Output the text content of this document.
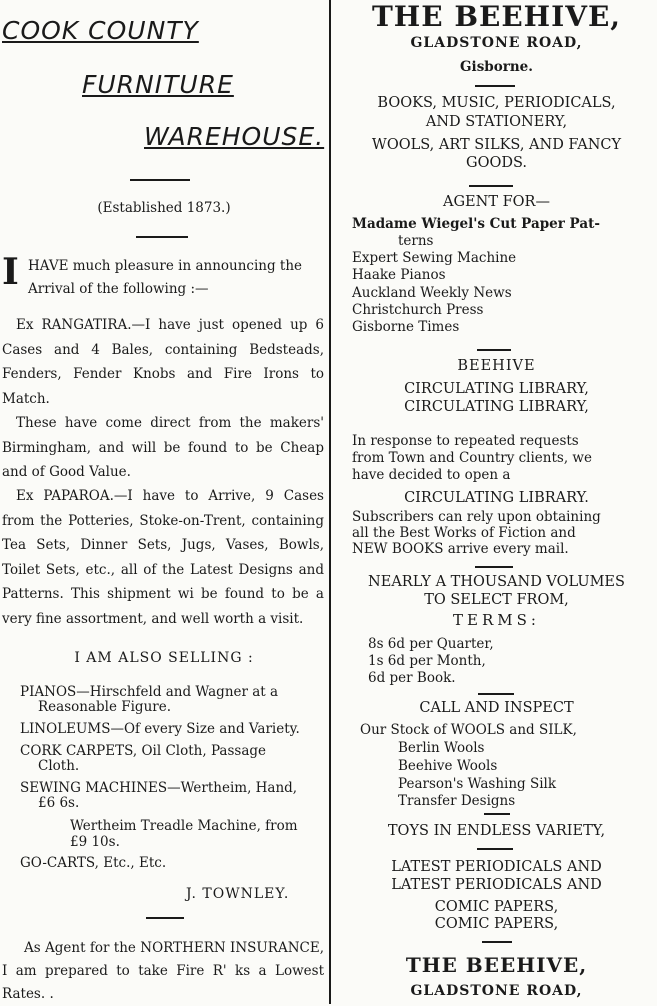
COOK COUNTY
FURNITURE
WAREHOUSE.
(Established 1873.)
I HAVE much pleasure in announcing the
Arrival of the following :—
Ex RANGATIRA.—I have just opened up 6 Cases and 4 Bales, containing Bedsteads, Fenders, Fender Knobs and Fire Irons to Match.
These have come direct from the makers' Birmingham, and will be found to be Cheap and of Good Value.
Ex PAPAROA.—I have to Arrive, 9 Cases from the Potteries, Stoke-on-Trent, containing Tea Sets, Dinner Sets, Jugs, Vases, Bowls, Toilet Sets, etc., all of the Latest Designs and Patterns. This shipment wi be found to be a very fine assortment, and well worth a visit.
I AM ALSO SELLING :
PIANOS—Hirschfeld and Wagner at a
Reasonable Figure.
LINOLEUMS—Of every Size and Variety.
CORK CARPETS, Oil Cloth, Passage
Cloth.
SEWING MACHINES—Wertheim, Hand,
£6 6s.
Wertheim Treadle Machine, from
£9 10s.
GO-CARTS, Etc., Etc.
J. TOWNLEY.
As Agent for the NORTHERN INSURANCE, I am prepared to take Fire R' ks a Lowest Rates. .
THE BEEHIVE,
GLADSTONE ROAD,
Gisborne.
BOOKS, MUSIC, PERIODICALS,
AND STATIONERY,
WOOLS, ART SILKS, AND FANCY
GOODS.
AGENT FOR—
Madame Wiegel's Cut Paper Pat-
terns
Expert Sewing Machine
Haake Pianos
Auckland Weekly News
Christchurch Press
Gisborne Times
BEEHIVE
CIRCULATING LIBRARY,
CIRCULATING LIBRARY,
In response to repeated requests
from Town and Country clients, we
have decided to open a
CIRCULATING LIBRARY.
Subscribers can rely upon obtaining
all the Best Works of Fiction and
NEW BOOKS arrive every mail.
NEARLY A THOUSAND VOLUMES
TO SELECT FROM,
TERMS:
8s 6d per Quarter,
1s 6d per Month,
6d per Book.
CALL AND INSPECT
Our Stock of WOOLS and SILK,
Berlin Wools
Beehive Wools
Pearson's Washing Silk
Transfer Designs
TOYS IN ENDLESS VARIETY,
LATEST PERIODICALS AND
LATEST PERIODICALS AND
COMIC PAPERS,
COMIC PAPERS,
THE BEEHIVE,
GLADSTONE ROAD,
